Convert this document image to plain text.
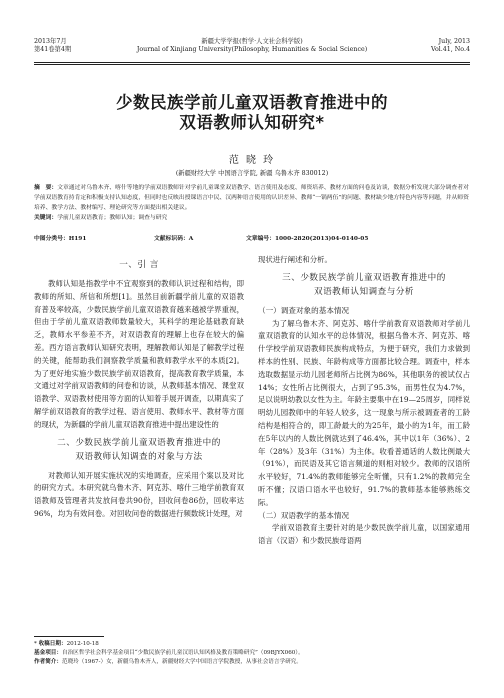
2013年7月
第41卷第4期
新疆大学学报(哲学·人文社会科学版)
Journal of Xinjiang University(Philosophy, Humanities & Social Science)
July, 2013
Vol.41, No.4
少数民族学前儿童双语教育推进中的
双语教师认知研究*
范 晓 玲
(新疆财经大学 中国语言学院, 新疆 乌鲁木齐 830012)

摘　要：文章通过对乌鲁木齐、喀什等地的学前双语教师针对学前儿童课堂双语教学、语言使用及态度、师资培养、教材方面的问卷及访谈，数据分析发现大部分调查者对学前双语教育持肯定和积极支持认知态度，但同时也反映出授课语言中民、汉两种语言使用的认识差异、教师“一锅两伍”的问题、教材缺少地方特色内容等问题，并从师资培养、教学方法、教材编写、理论研究等方面提出相关建议。

关键词：学前儿童双语教育；教师认知；调查与研究

中图分类号：H191	文献标识码：A	文章编号：1000-2820(2013)04-0140-05
一、引 言

教师认知是指教学中不宜观察到的教师认识过程和结构，即教师的所知、所信和所想[1]。虽然目前新疆学前儿童的双语教育普及率较高，少数民族学前儿童双语教育越来越被学界重视，但由于学前儿童双语教师数量较大，其科学的理论基础教育缺乏，教师水平参差不齐，对双语教育的理解上也存在较大的偏差。西方语言教师认知研究表明，理解教师认知是了解教学过程的关键，能帮助我们洞察教学质量和教师教学水平的本质[2]。为了更好地实施少数民族学前双语教育，提高教育教学质量，本文通过对学前双语教师的问卷和访谈，从教师基本情况、课堂双语教学、双语教材使用等方面的认知着手展开调查，以期真实了解学前双语教育的教学过程、语言使用、教师水平、教材等方面的现状，为新疆的学前儿童双语教育推进中提出建设性的

二、少数民族学前儿童双语教育推进中的
双语教师认知调查的对象与方法

对教师认知开展实施状况的实地调查，应采用个案以及对比的研究方式。本研究就乌鲁木齐、阿克苏、喀什三地学前教育双语教师及管理者共发放问卷共90份，回收问卷86份，回收率达96%，均为有效问卷。对回收问卷的数据进行频数统计处理，对

现状进行阐述和分析。

三、少数民族学前儿童双语教育推进中的
双语教师认知调查与分析

（一）调查对象的基本情况

为了解乌鲁木齐、阿克苏、喀什学前教育双语教师对学前儿童双语教育的认知水平的总体情况，根据乌鲁木齐、阿克苏、喀什学校学前双语教师民族构成特点，为便于研究，我们力求做到样本的性别、民族、年龄构成等方面都比较合理。调查中，样本选取数据显示幼儿园老师所占比例为86%，其他职务的被试仅占14%；女性所占比例很大，占到了95.3%，而男性仅为4.7%，足以说明幼教以女性为主。年龄主要集中在19—25周岁，同样说明幼儿园教师中的年轻人较多，这一现象与所示被调查者的工龄结构是相符合的，即工龄最大的为25年，最小的为1年，而工龄在5年以内的人数比例就达到了46.4%，其中以1年（36%）、2年（28%）及3年（31%）为主体。收看普通话的人数比例最大（91%），而民语及其它语言频道的则相对较少。教师的汉语所水平较好，71.4%的教师能够完全听懂，只有1.2%的教师完全听不懂；汉语口语水平也较好，91.7%的教师基本能够熟练交际。

（二）双语教学的基本情况

学前双语教育主要针对的是少数民族学前儿童，以国家通用语言（汉语）和少数民族母语两

* 收稿日期：2012-10-18
基金项目：自治区哲学社会科学基金项目“少数民族学前儿童汉语认知风格及教育策略研究”（09BJYX060）。
作者简介：范晓玲（1967-）女，新疆乌鲁木齐人，新疆财经大学中国语言学院教授，从事社会语言学研究。
